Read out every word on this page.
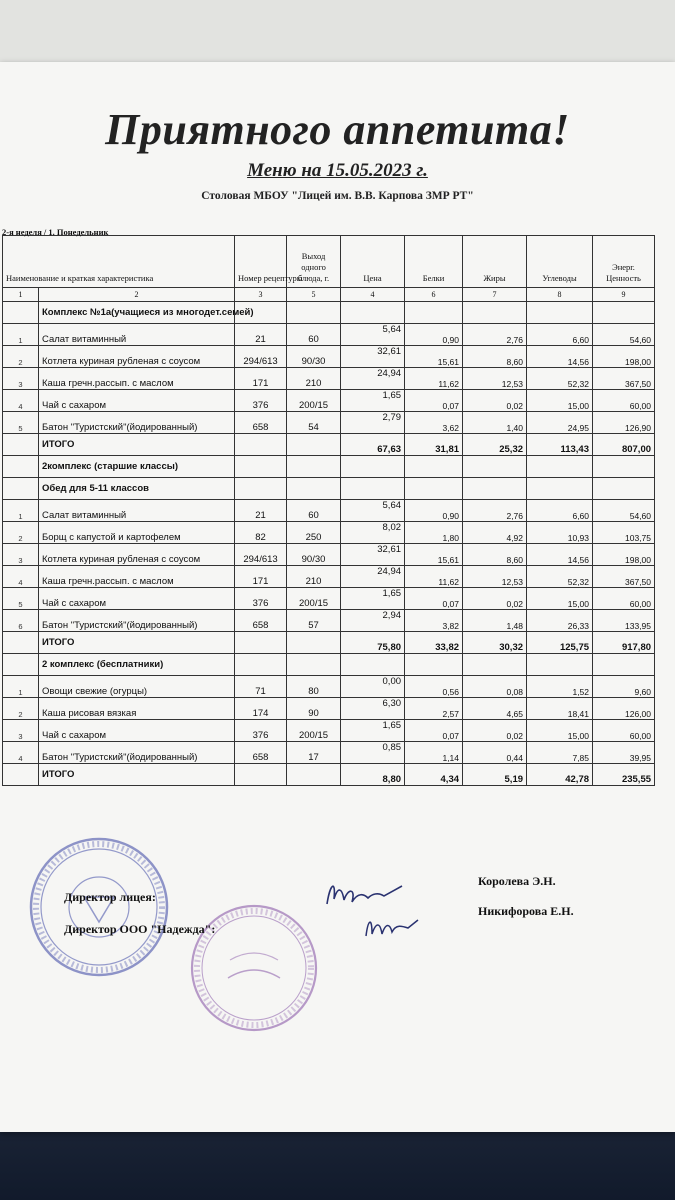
Приятного аппетита!
Меню на 15.05.2023 г.
Столовая МБОУ "Лицей им. В.В. Карпова ЗМР РТ"
2-я неделя / 1. Понедельник
Наименование и краткая характеристика		Номер рецептуры	Выход одного блюда, г.	Цена	Белки	Жиры	Углеводы	Энерг. Ценность
1	2	3	5	4	6	7	8	9
	Комплекс №1а(учащиеся из многодет.семей)							
1	Салат витаминный	21	60	5,64	0,90	2,76	6,60	54,60
2	Котлета куриная рубленая с соусом	294/613	90/30	32,61	15,61	8,60	14,56	198,00
3	Каша гречн.рассып. с маслом	171	210	24,94	11,62	12,53	52,32	367,50
4	Чай с сахаром	376	200/15	1,65	0,07	0,02	15,00	60,00
5	Батон "Туристский"(йодированный)	658	54	2,79	3,62	1,40	24,95	126,90
	ИТОГО			67,63	31,81	25,32	113,43	807,00
	2комплекс (старшие классы)							
	Обед для 5-11 классов							
1	Салат витаминный	21	60	5,64	0,90	2,76	6,60	54,60
2	Борщ с капустой и картофелем	82	250	8,02	1,80	4,92	10,93	103,75
3	Котлета куриная рубленая с соусом	294/613	90/30	32,61	15,61	8,60	14,56	198,00
4	Каша гречн.рассып. с маслом	171	210	24,94	11,62	12,53	52,32	367,50
5	Чай с сахаром	376	200/15	1,65	0,07	0,02	15,00	60,00
6	Батон "Туристский"(йодированный)	658	57	2,94	3,82	1,48	26,33	133,95
	ИТОГО			75,80	33,82	30,32	125,75	917,80
	2 комплекс (бесплатники)							
1	Овощи свежие (огурцы)	71	80	0,00	0,56	0,08	1,52	9,60
2	Каша рисовая вязкая	174	90	6,30	2,57	4,65	18,41	126,00
3	Чай с сахаром	376	200/15	1,65	0,07	0,02	15,00	60,00
4	Батон "Туристский"(йодированный)	658	17	0,85	1,14	0,44	7,85	39,95
	ИТОГО			8,80	4,34	5,19	42,78	235,55
Директор лицея:
Директор ООО "Надежда":
Королева Э.Н.
Никифорова Е.Н.
